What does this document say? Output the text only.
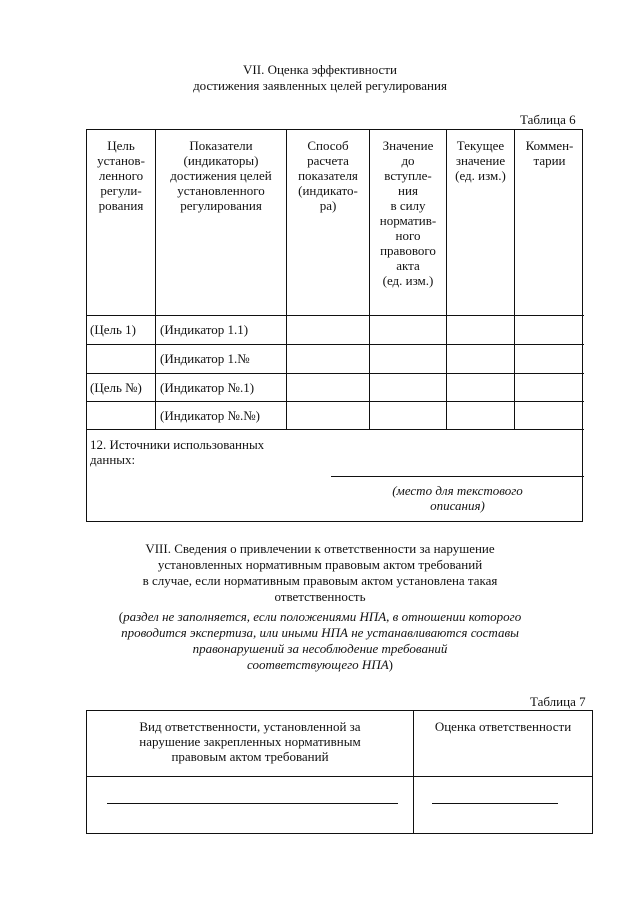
VII. Оценка эффективности
достижения заявленных целей регулирования
Таблица 6
Цель
установ-
ленного
регули-
рования
Показатели
(индикаторы)
достижения целей
установленного
регулирования
Способ
расчета
показателя
(индикато-
ра)
Значение
до
вступле-
ния
в силу
норматив-
ного
правового
акта
(ед. изм.)
Текущее
значение
(ед. изм.)
Коммен-
тарии
(Цель 1) (Индикатор 1.1)
(Индикатор 1.№
(Цель №) (Индикатор №.1)
(Индикатор №.№)
12. Источники использованных
данных:
(место для текстового
описания)
VIII. Сведения о привлечении к ответственности за нарушение
установленных нормативным правовым актом требований
в случае, если нормативным правовым актом установлена такая
ответственность
(раздел не заполняется, если положениями НПА, в отношении которого
проводится экспертиза, или иными НПА не устанавливаются составы
правонарушений за несоблюдение требований
соответствующего НПА)
Таблица 7
Вид ответственности, установленной за
нарушение закрепленных нормативным
правовым актом требований
Оценка ответственности
